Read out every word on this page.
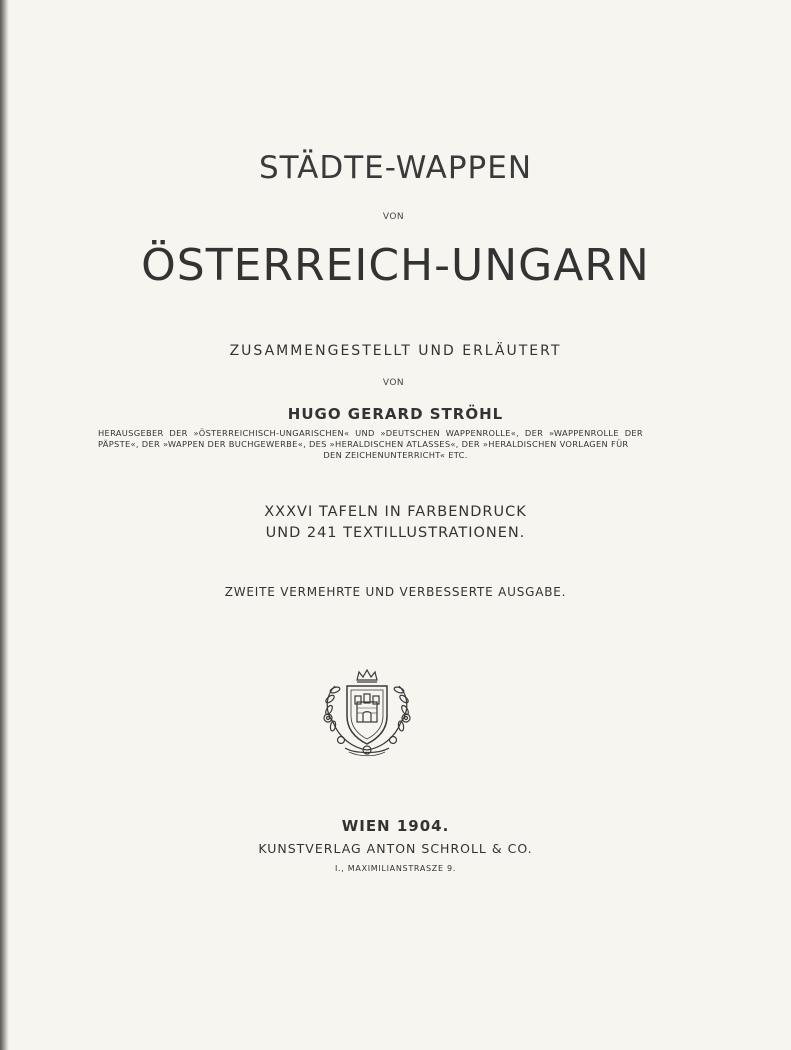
STÄDTE-WAPPEN
VON
ÖSTERREICH-UNGARN
ZUSAMMENGESTELLT UND ERLÄUTERT
VON
HUGO GERARD STRÖHL
HERAUSGEBER DER »ÖSTERREICHISCH-UNGARISCHEN« UND »DEUTSCHEN WAPPENROLLE«, DER »WAPPENROLLE DER PÄPSTE«, DER »WAPPEN DER BUCHGEWERBE«, DES »HERALDISCHEN ATLASSES«, DER »HERALDISCHEN VORLAGEN FÜR
DEN ZEICHENUNTERRICHT« ETC.
XXXVI TAFELN IN FARBENDRUCK
UND 241 TEXTILLUSTRATIONEN.
ZWEITE VERMEHRTE UND VERBESSERTE AUSGABE.
WIEN 1904.
KUNSTVERLAG ANTON SCHROLL & CO.
I., MAXIMILIANSTRASZE 9.
